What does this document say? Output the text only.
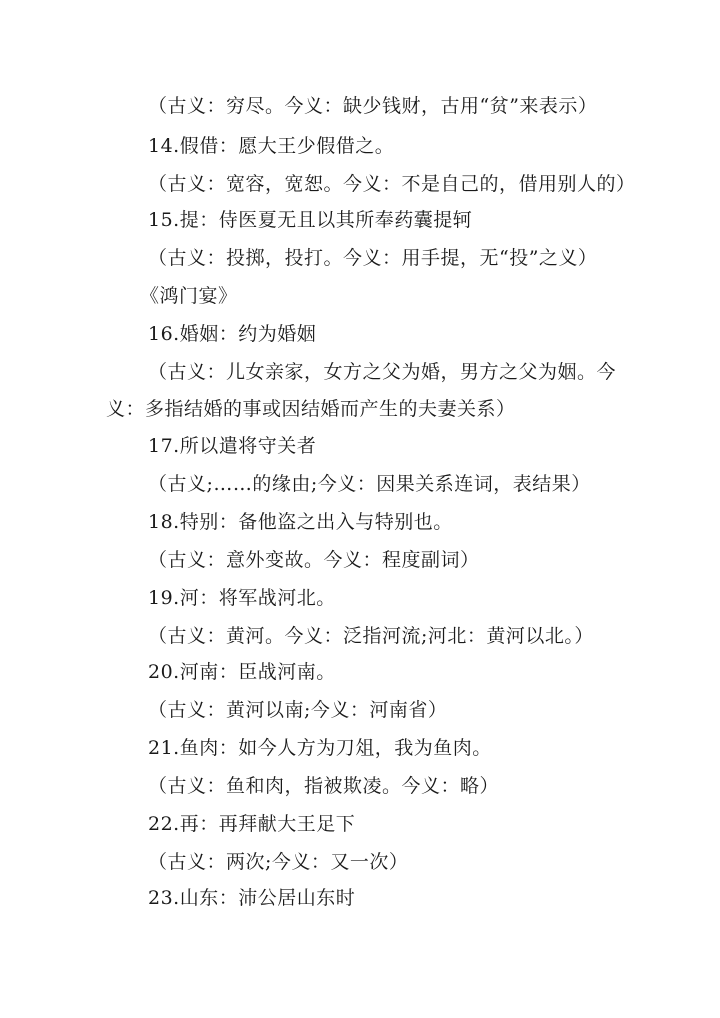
（古义：穷尽。今义：缺少钱财，古用“贫”来表示）
14.假借：愿大王少假借之。
（古义：宽容，宽恕。今义：不是自己的，借用别人的）
15.提：侍医夏无且以其所奉药囊提轲
（古义：投掷，投打。今义：用手提，无“投”之义）
《鸿门宴》
16.婚姻：约为婚姻
（古义：儿女亲家，女方之父为婚，男方之父为姻。今
义：多指结婚的事或因结婚而产生的夫妻关系）
17.所以遣将守关者
（古义;……的缘由;今义：因果关系连词，表结果）
18.特别：备他盗之出入与特别也。
（古义：意外变故。今义：程度副词）
19.河：将军战河北。
（古义：黄河。今义：泛指河流;河北：黄河以北。）
20.河南：臣战河南。
（古义：黄河以南;今义：河南省）
21.鱼肉：如今人方为刀俎，我为鱼肉。
（古义：鱼和肉，指被欺凌。今义：略）
22.再：再拜献大王足下
（古义：两次;今义：又一次）
23.山东：沛公居山东时
